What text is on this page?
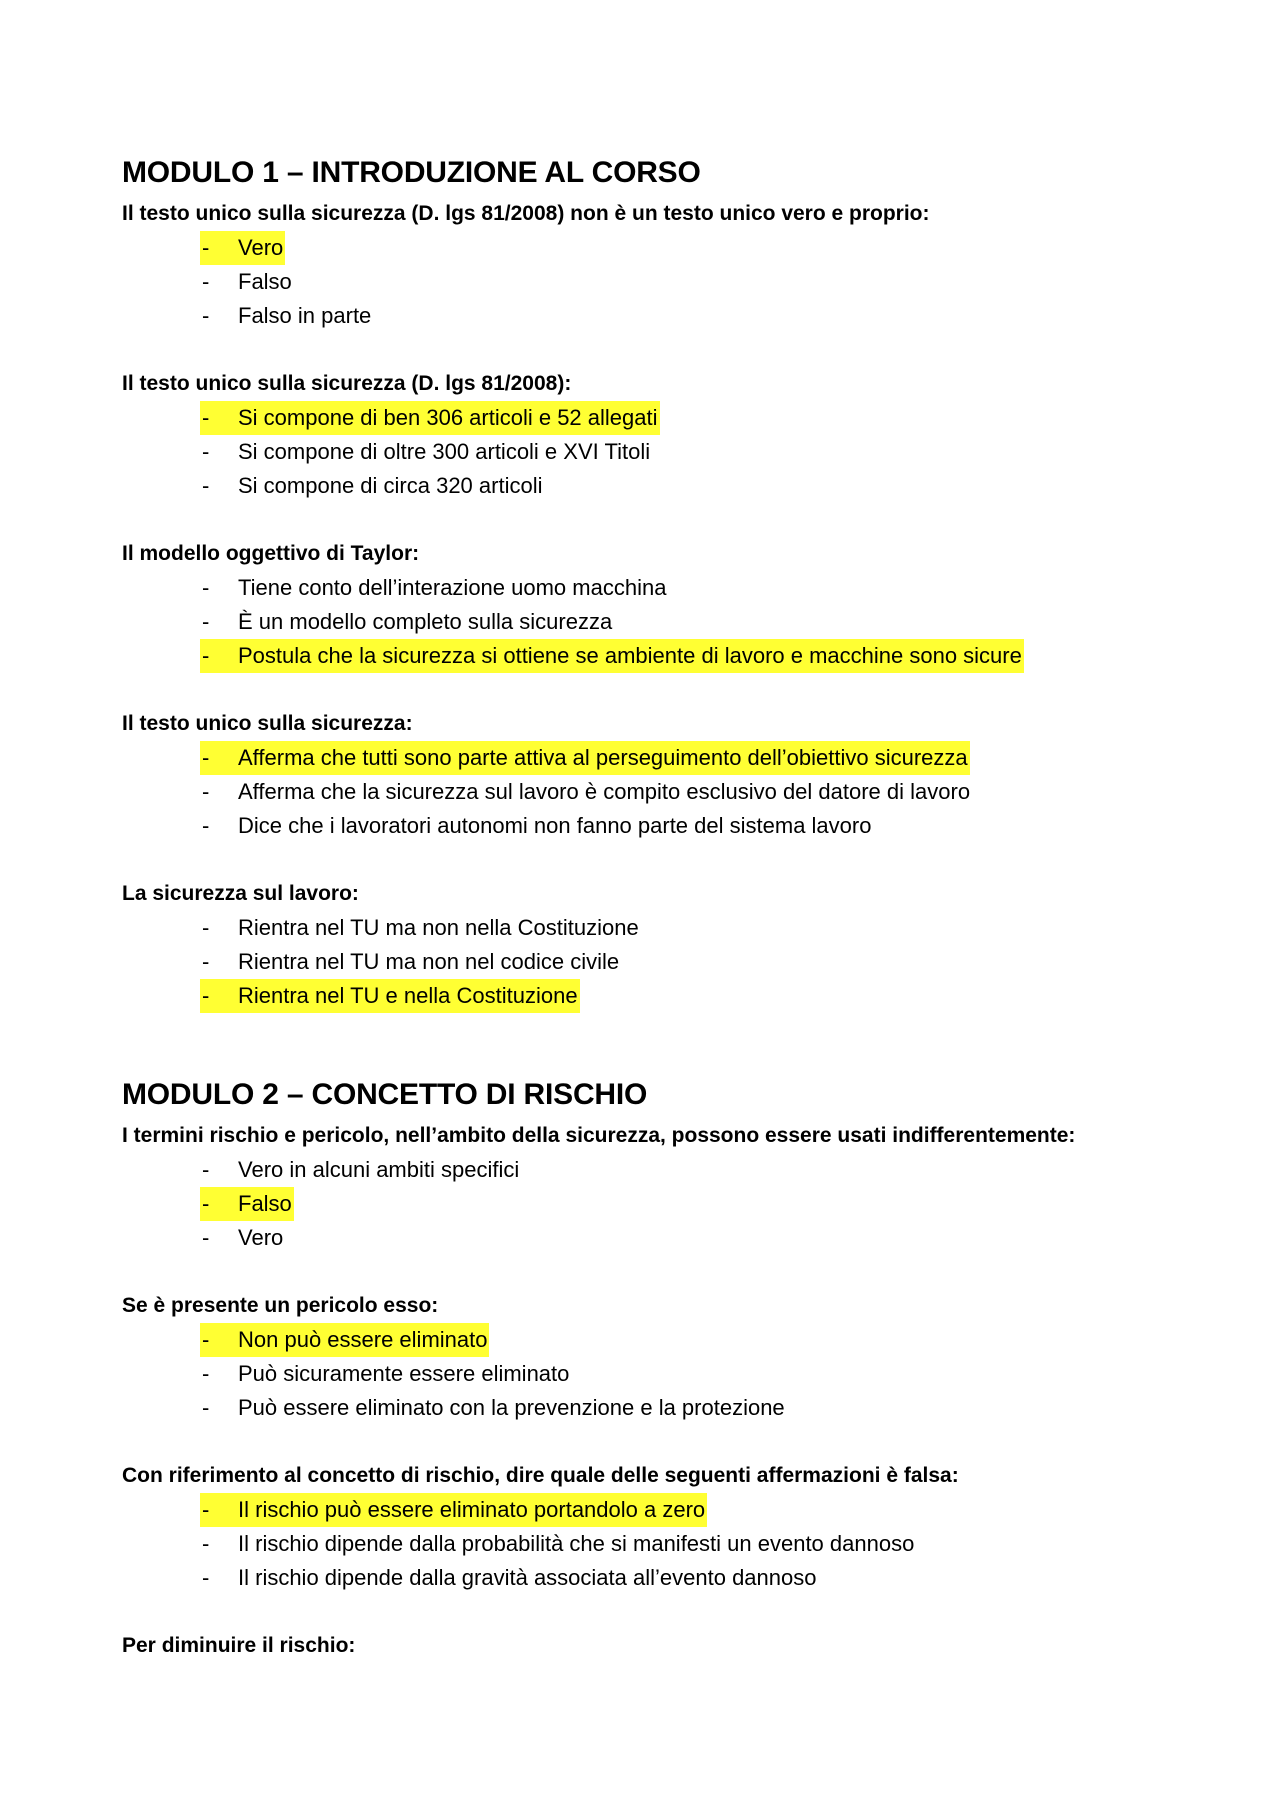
MODULO 1 – INTRODUZIONE AL CORSO
Il testo unico sulla sicurezza (D. lgs 81/2008) non è un testo unico vero e proprio:
- Vero
- Falso
- Falso in parte
Il testo unico sulla sicurezza (D. lgs 81/2008):
- Si compone di ben 306 articoli e 52 allegati
- Si compone di oltre 300 articoli e XVI Titoli
- Si compone di circa 320 articoli
Il modello oggettivo di Taylor:
- Tiene conto dell’interazione uomo macchina
- È un modello completo sulla sicurezza
- Postula che la sicurezza si ottiene se ambiente di lavoro e macchine sono sicure
Il testo unico sulla sicurezza:
- Afferma che tutti sono parte attiva al perseguimento dell’obiettivo sicurezza
- Afferma che la sicurezza sul lavoro è compito esclusivo del datore di lavoro
- Dice che i lavoratori autonomi non fanno parte del sistema lavoro
La sicurezza sul lavoro:
- Rientra nel TU ma non nella Costituzione
- Rientra nel TU ma non nel codice civile
- Rientra nel TU e nella Costituzione
MODULO 2 – CONCETTO DI RISCHIO
I termini rischio e pericolo, nell’ambito della sicurezza, possono essere usati indifferentemente:
- Vero in alcuni ambiti specifici
- Falso
- Vero
Se è presente un pericolo esso:
- Non può essere eliminato
- Può sicuramente essere eliminato
- Può essere eliminato con la prevenzione e la protezione
Con riferimento al concetto di rischio, dire quale delle seguenti affermazioni è falsa:
- Il rischio può essere eliminato portandolo a zero
- Il rischio dipende dalla probabilità che si manifesti un evento dannoso
- Il rischio dipende dalla gravità associata all’evento dannoso
Per diminuire il rischio:
